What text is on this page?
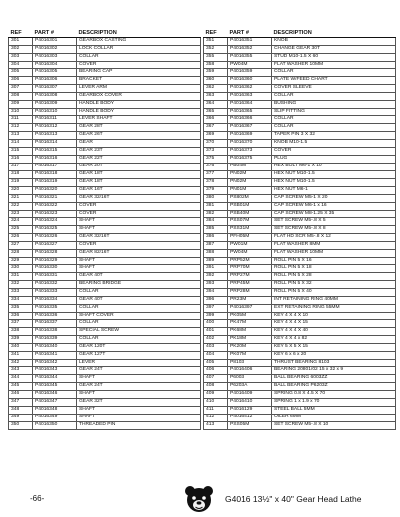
REF	PART #	DESCRIPTION
301	P4016301	GEARBOX CASTING
302	P4016302	LOCK COLLAR
303	P4016303	COLLAR
304	P4016304	COVER
305	P4016305	BEARING CAP
306	P4016306	BRACKET
307	P4016307	LEVER ARM
308	P4016308	GEARBOX COVER
309	P4016309	HANDLE BODY
310	P4016310	HANDLE BODY
311	P4016311	LEVER SHAFT
312	P4016312	GEAR 28T
313	P4016313	GEAR 26T
314	P4016314	GEAR
315	P4016315	GEAR 23T
316	P4016316	GEAR 22T
317	P4016317	GEAR 20T
318	P4016318	GEAR 18T
319	P4016319	GEAR 18T
320	P4016320	GEAR 16T
321	P4016321	GEAR 32/16T
322	P4016322	COVER
323	P4016323	COVER
324	P4016324	SHAFT
325	P4016325	SHAFT
326	P4016326	GEAR 32/16T
327	P4016327	COVER
328	P4016328	GEAR 82/16T
329	P4016329	SHAFT
330	P4016330	SHAFT
331	P4016331	GEAR 40T
332	P4016332	BEARING BRIDGE
333	P4016333	COLLAR
334	P4016334	GEAR 40T
335	P4016335	COLLAR
336	P4016336	SHAFT COVER
337	P4016337	COLLAR
338	P4016338	SPECIAL SCREW
339	P4016339	COLLAR
340	P4016340	GEAR 120T
341	P4016341	GEAR 127T
342	P4016342	LEVER
343	P4016343	GEAR 24T
344	P4016344	SHAFT
345	P4016345	GEAR 24T
346	P4016346	SHAFT
347	P4016347	GEAR 32T
348	P4016348	SHAFT
349	P4016349	SHAFT
350	P4016350	THREADED PIN
REF	PART #	DESCRIPTION
351	P4016351	KNOB
352	P4016352	CHANGE GEAR 30T
355	P4016355	STUD M10-1.5 X 60
358	PW04M	FLAT WASHER 10MM
359	P4016359	COLLAR
360	P4016360	PLATE W/FEED CHART
362	P4016362	COVER SLEEVE
363	P4016363	COLLAR
364	P4016364	BUSHING
365	P4016365	SLIP FITTING
366	P4016366	COLLAR
367	P4016367	COLLAR
369	P4016369	TAPER PIN 3 X 32
370	P4016370	KNOB M10-1.5
373	P4016373	COVER
375	P4016375	PLUG
376	PB04M	HEX BOLT M6-1 X 10
377	PN02M	HEX NUT M10-1.5
378	PN02M	HEX NUT M10-1.5
379	PN01M	HEX NUT M6-1
380	PS802M	CAP SCREW M5-1 X 20
381	PSB01M	CAP SCREW M6-1 x 16
382	PSB40M	CAP SCREW M8-1.25 X 35
384	PSS07M	SET SCREW M5-.8 X 5
385	PSS31M	SET SCREW M5-.8 X 8
386	PFH05M	FLAT HD SCR M5-.8 X 12
387	PW01M	FLAT WASHER 8MM
388	PW04M	FLAT WASHER 10MM
389	PRP52M	ROLL PIN 5 X 16
391	PRP70M	ROLL PIN 5 X 18
392	PRP27M	ROLL PIN 5 X 28
393	PRP45M	ROLL PIN 5 X 32
394	PRP28M	ROLL PIN 5 X 40
396	PR23M	INT RETAINING RING 40MM
397	P4016397	EXT RETAINING RING 55MM
399	PK05M	KEY 4 X 4 X 10
400	PK47M	KEY 4 X 4 X 15
401	PK68M	KEY 4 X 4 X 40
402	PK18M	KEY 4 X 4 x 82
403	PK20M	KEY 5 X 5 X 15
404	PK07M	KEY 6 x 6 x 20
405	P8103	THRUST BEARING 8103
406	P4016406	BEARING 20801/02 15 x 32 x 9
407	P6003	BALL BEARING 6003ZZ
408	P6203A	BALL BEARING P6203Z
409	P4016409	SPRING 0.8 X 4.5 X 70
410	P4016410	SPRING 1 x 1.9 x 70
411	P4016129	STEEL BALL 5MM
412	P4016412	OILER 6MM
413	PSS05M	SET SCREW M5-.8 X 10
-66-	G4016 13½" x 40" Gear Head Lathe
